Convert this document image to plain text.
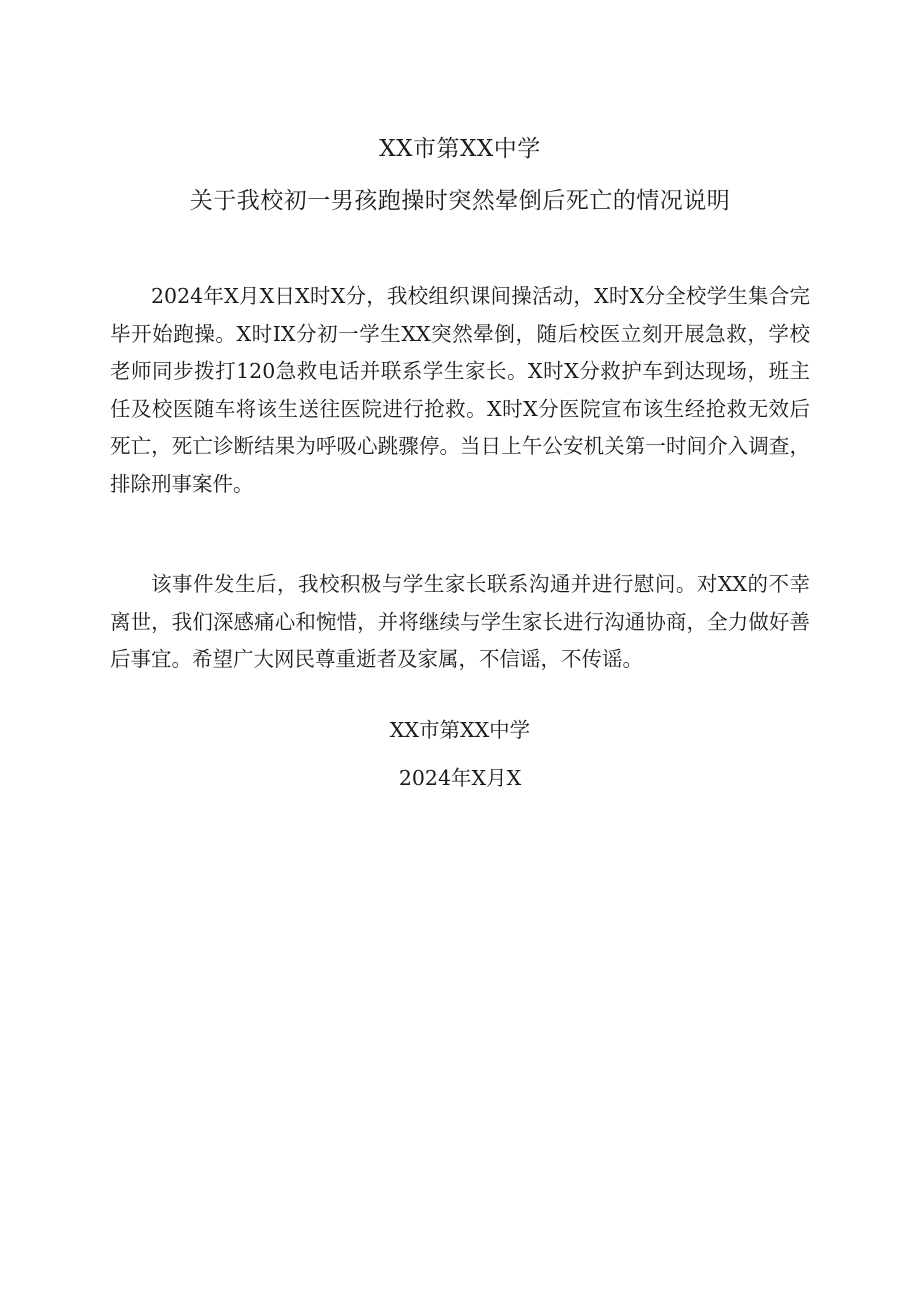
XX市第XX中学
关于我校初一男孩跑操时突然晕倒后死亡的情况说明

2024年X月X日X时X分，我校组织课间操活动，X时X分全校学生集合完毕开始跑操。X时IX分初一学生XX突然晕倒，随后校医立刻开展急救，学校老师同步拨打120急救电话并联系学生家长。X时X分救护车到达现场，班主任及校医随车将该生送往医院进行抢救。X时X分医院宣布该生经抢救无效后死亡，死亡诊断结果为呼吸心跳骤停。当日上午公安机关第一时间介入调查，排除刑事案件。

该事件发生后，我校积极与学生家长联系沟通并进行慰问。对XX的不幸离世，我们深感痛心和惋惜，并将继续与学生家长进行沟通协商，全力做好善后事宜。希望广大网民尊重逝者及家属，不信谣，不传谣。

XX市第XX中学
2024年X月X
